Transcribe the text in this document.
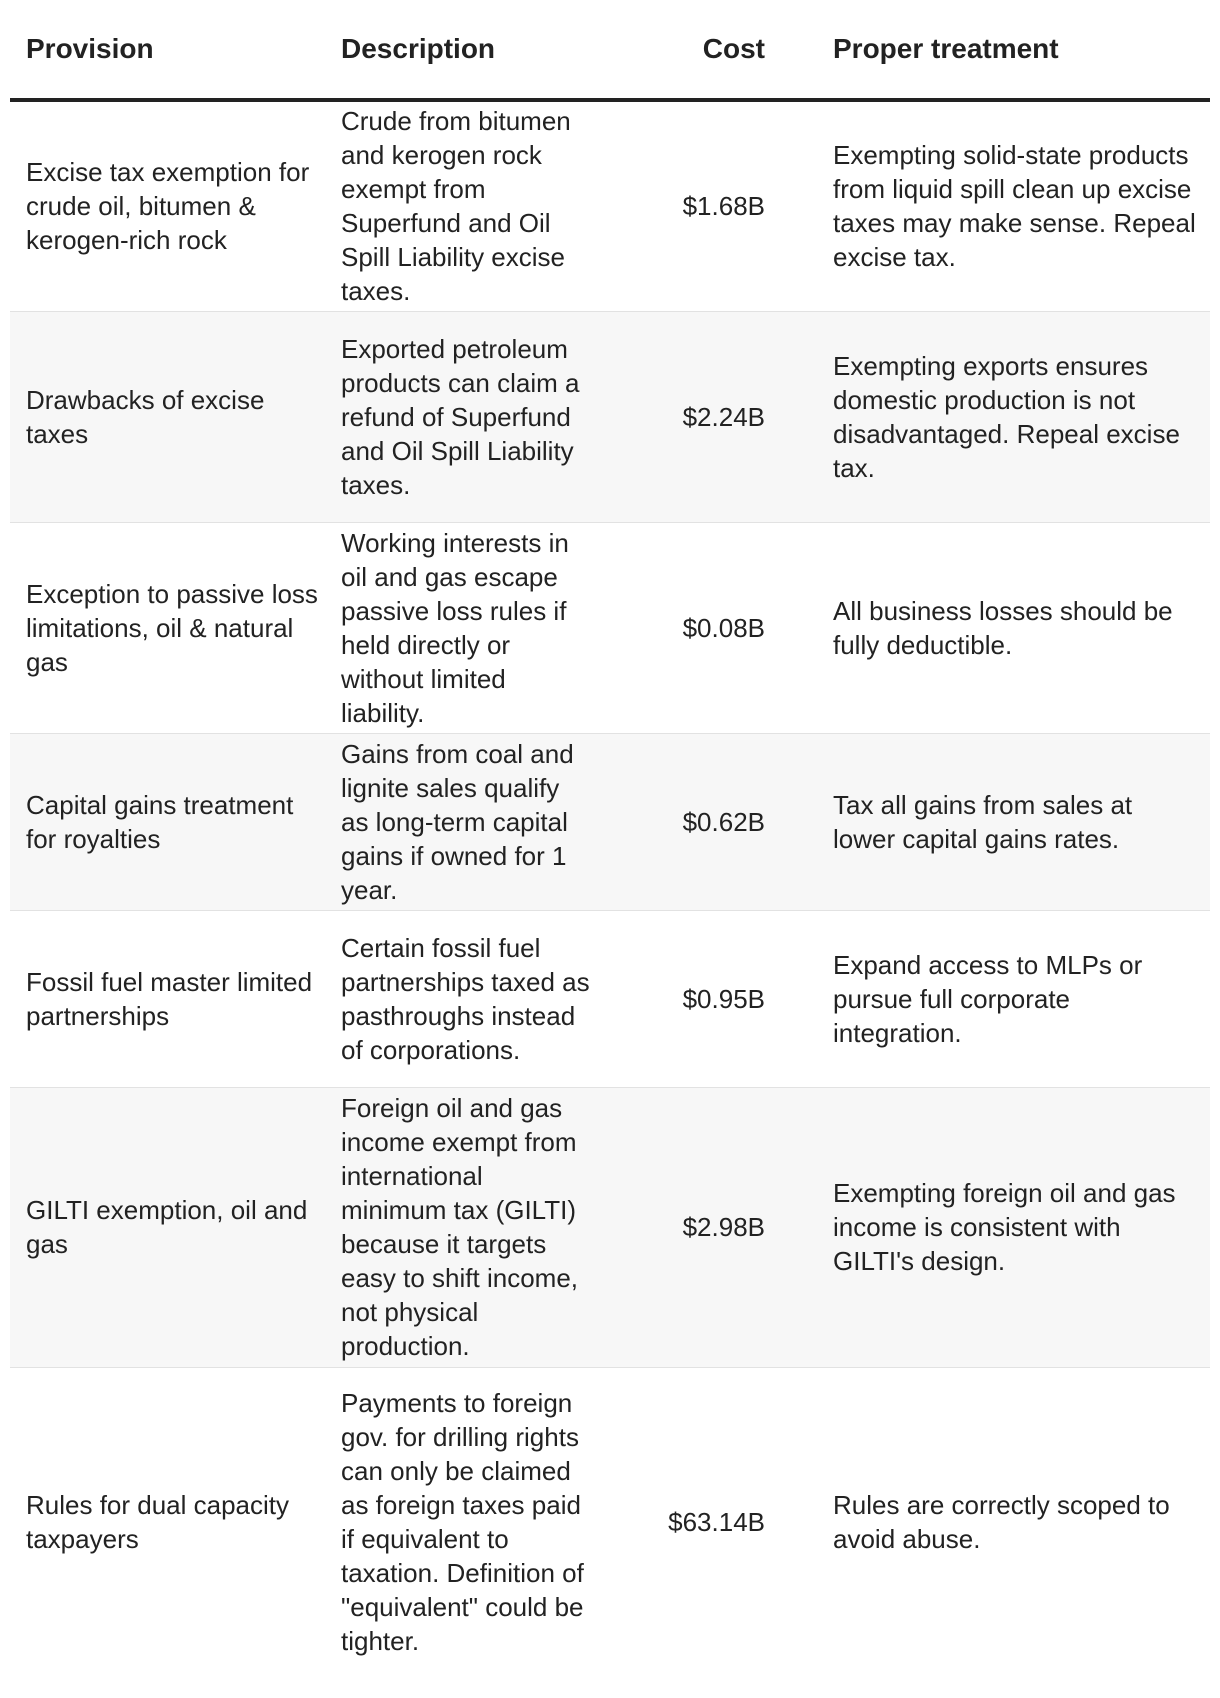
Provision	Description	Cost	Proper treatment
Excise tax exemption for crude oil, bitumen & kerogen-rich rock	Crude from bitumen and kerogen rock exempt from Superfund and Oil Spill Liability excise taxes.	$1.68B	Exempting solid-state products from liquid spill clean up excise taxes may make sense. Repeal excise tax.
Drawbacks of excise taxes	Exported petroleum products can claim a refund of Superfund and Oil Spill Liability taxes.	$2.24B	Exempting exports ensures domestic production is not disadvantaged. Repeal excise tax.
Exception to passive loss limitations, oil & natural gas	Working interests in oil and gas escape passive loss rules if held directly or without limited liability.	$0.08B	All business losses should be fully deductible.
Capital gains treatment for royalties	Gains from coal and lignite sales qualify as long-term capital gains if owned for 1 year.	$0.62B	Tax all gains from sales at lower capital gains rates.
Fossil fuel master limited partnerships	Certain fossil fuel partnerships taxed as pasthroughs instead of corporations.	$0.95B	Expand access to MLPs or pursue full corporate integration.
GILTI exemption, oil and gas	Foreign oil and gas income exempt from international minimum tax (GILTI) because it targets easy to shift income, not physical production.	$2.98B	Exempting foreign oil and gas income is consistent with GILTI's design.
Rules for dual capacity taxpayers	Payments to foreign gov. for drilling rights can only be claimed as foreign taxes paid if equivalent to taxation. Definition of "equivalent" could be tighter.	$63.14B	Rules are correctly scoped to avoid abuse.
